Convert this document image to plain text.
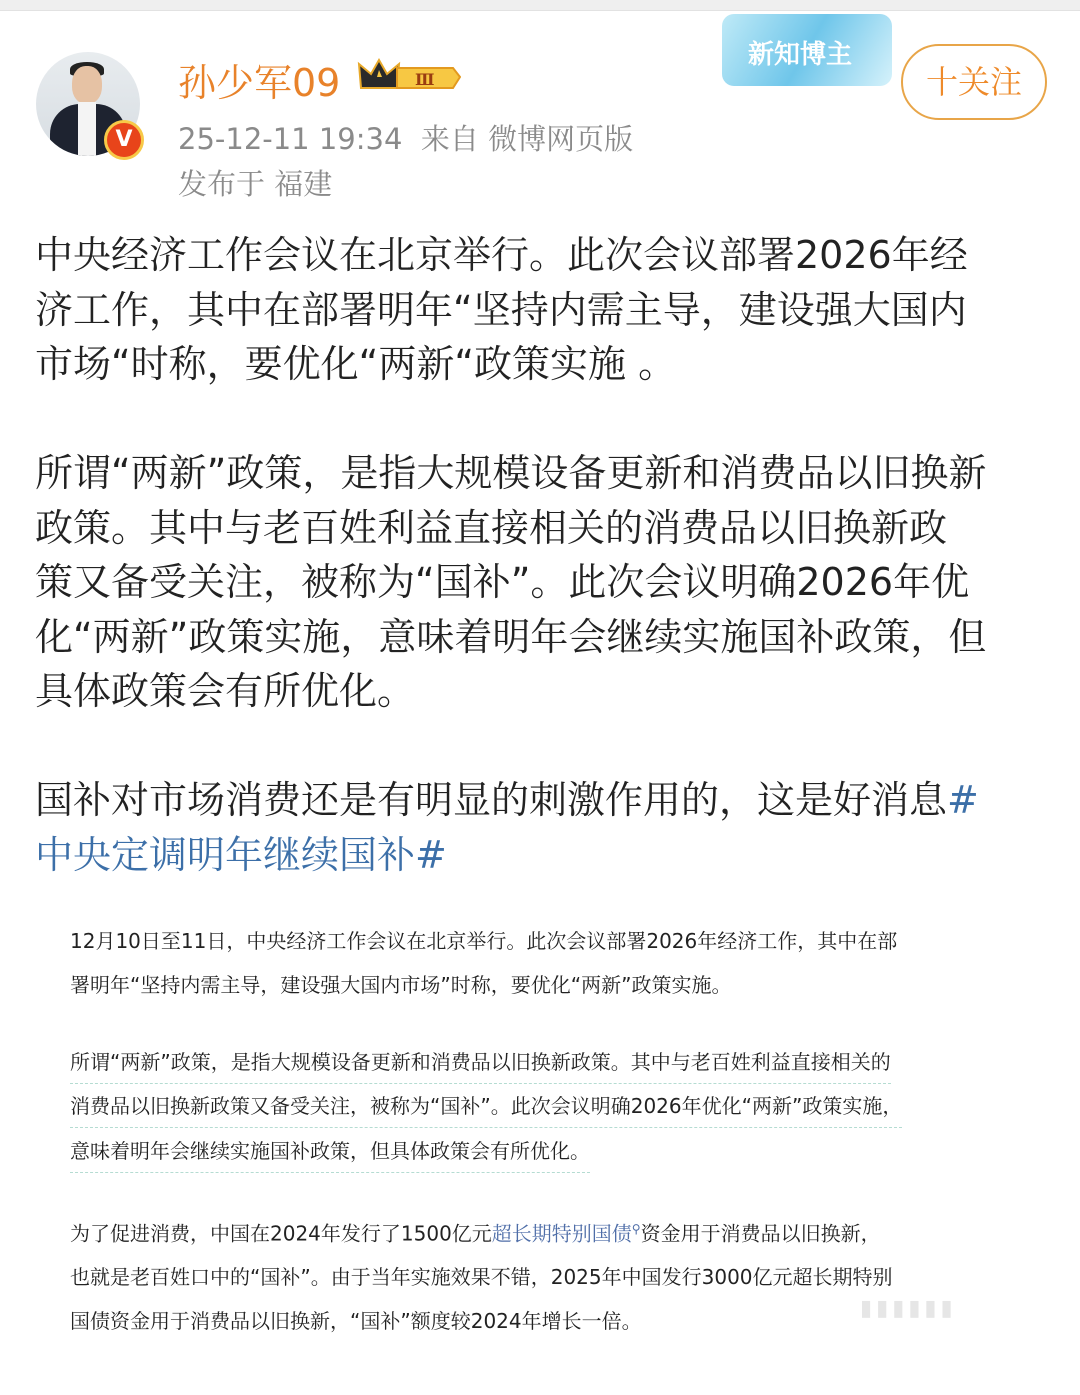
V
孙少军09	Ⅲ
25-12-11 19:34 来自 微博网页版
发布于 福建
新知博主
十关注

中央经济工作会议在北京举行。此次会议部署2026年经
济工作，其中在部署明年“坚持内需主导，建设强大国内
市场“时称，要优化“两新“政策实施 。

所谓“两新”政策，是指大规模设备更新和消费品以旧换新
政策。其中与老百姓利益直接相关的消费品以旧换新政
策又备受关注，被称为“国补”。此次会议明确2026年优
化“两新”政策实施，意味着明年会继续实施国补政策，但
具体政策会有所优化。

国补对市场消费还是有明显的刺激作用的，这是好消息#
中央定调明年继续国补#

12月10日至11日，中央经济工作会议在北京举行。此次会议部署2026年经济工作，其中在部
署明年“坚持内需主导，建设强大国内市场”时称，要优化“两新”政策实施。

所谓“两新”政策，是指大规模设备更新和消费品以旧换新政策。其中与老百姓利益直接相关的
消费品以旧换新政策又备受关注，被称为“国补”。此次会议明确2026年优化“两新”政策实施，
意味着明年会继续实施国补政策，但具体政策会有所优化。

为了促进消费，中国在2024年发行了1500亿元超长期特别国债⚲资金用于消费品以旧换新，
也就是老百姓口中的“国补”。由于当年实施效果不错，2025年中国发行3000亿元超长期特别
国债资金用于消费品以旧换新，“国补”额度较2024年增长一倍。

▮▮▮▮▮▮
